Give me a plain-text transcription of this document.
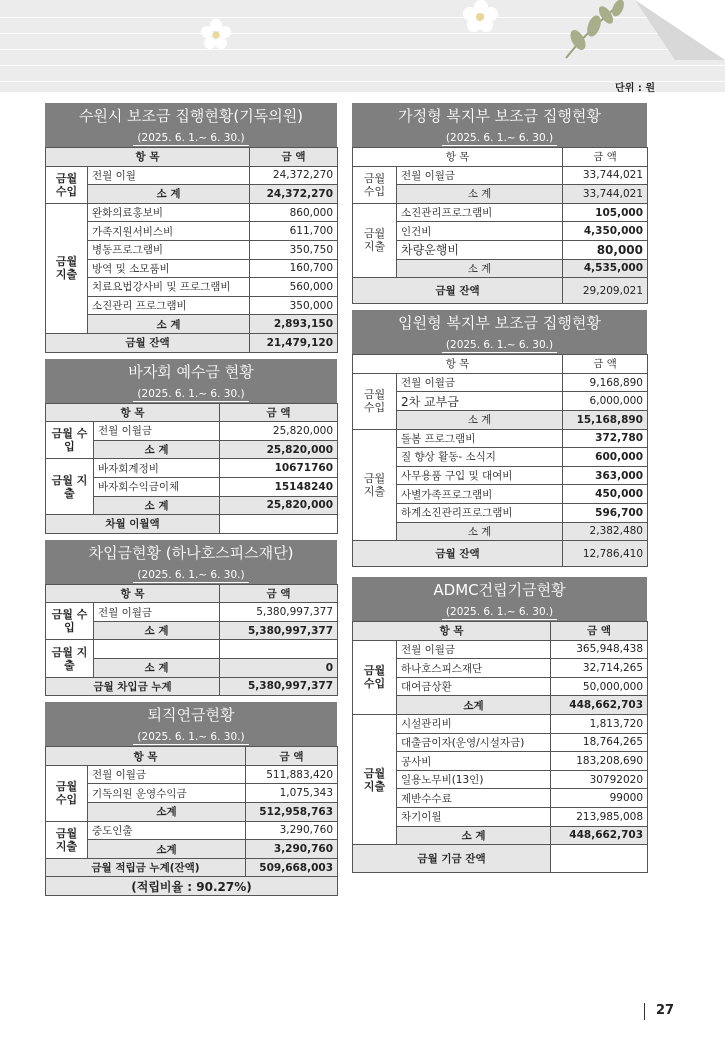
단위 : 원
수원시 보조금 집행현황(기독의원)
(2025. 6. 1.~ 6. 30.)
항 목		금 액
금월 수입	전월 이월	24,372,270
	소 계	24,372,270
금월 지출	완화의료홍보비	860,000
	가족지원서비스비	611,700
	병동프로그램비	350,750
	방역 및 소모품비	160,700
	치료요법강사비 및 프로그램비	560,000
	소진관리 프로그램비	350,000
	소 계	2,893,150
금월 잔액		21,479,120
바자회 예수금 현황
(2025. 6. 1.~ 6. 30.)
항 목		금 액
금월 수입	전월 이월금	25,820,000
	소 계	25,820,000
금월 지출	바자회계정비	10671760
	바자회수익금이체	15148240
	소 계	25,820,000
차월 이월액		
차입금현황 (하나호스피스재단)
(2025. 6. 1.~ 6. 30.)
항 목		금 액
금월 수입	전월 이월금	5,380,997,377
	소 계	5,380,997,377
금월 지출		
	소 계	0
금월 차입금 누계		5,380,997,377
퇴직연금현황
(2025. 6. 1.~ 6. 30.)
항 목		금 액
금월 수입	전월 이월금	511,883,420
	기독의원 운영수익금	1,075,343
	소계	512,958,763
금월 지출	중도인출	3,290,760
	소계	3,290,760
금월 적립금 누계(잔액)		509,668,003
(적립비율 : 90.27%)		
가정형 복지부 보조금 집행현황
(2025. 6. 1.~ 6. 30.)
항 목		금 액
금월 수입	전월 이월금	33,744,021
	소 계	33,744,021
금월 지출	소진관리프로그램비	105,000
	인건비	4,350,000
	차량운행비	80,000
	소 계	4,535,000
금월 잔액		29,209,021
입원형 복지부 보조금 집행현황
(2025. 6. 1.~ 6. 30.)
항 목		금 액
금월 수입	전월 이월금	9,168,890
	2차 교부금	6,000,000
	소 계	15,168,890
금월 지출	돌봄 프로그램비	372,780
	질 향상 활동- 소식지	600,000
	사무용품 구입 및 대여비	363,000
	사별가족프로그램비	450,000
	하계소진관리프로그램비	596,700
	소 계	2,382,480
금월 잔액		12,786,410
ADMC건립기금현황
(2025. 6. 1.~ 6. 30.)
항 목		금 액
금월 수입	전월 이월금	365,948,438
	하나호스피스재단	32,714,265
	대여금상환	50,000,000
	소계	448,662,703
금월 지출	시설관리비	1,813,720
	대출금이자(운영/시설자금)	18,764,265
	공사비	183,208,690
	일용노무비(13인)	30792020
	제반수수료	99000
	차기이월	213,985,008
	소 계	448,662,703
금월 기금 잔액		
27
